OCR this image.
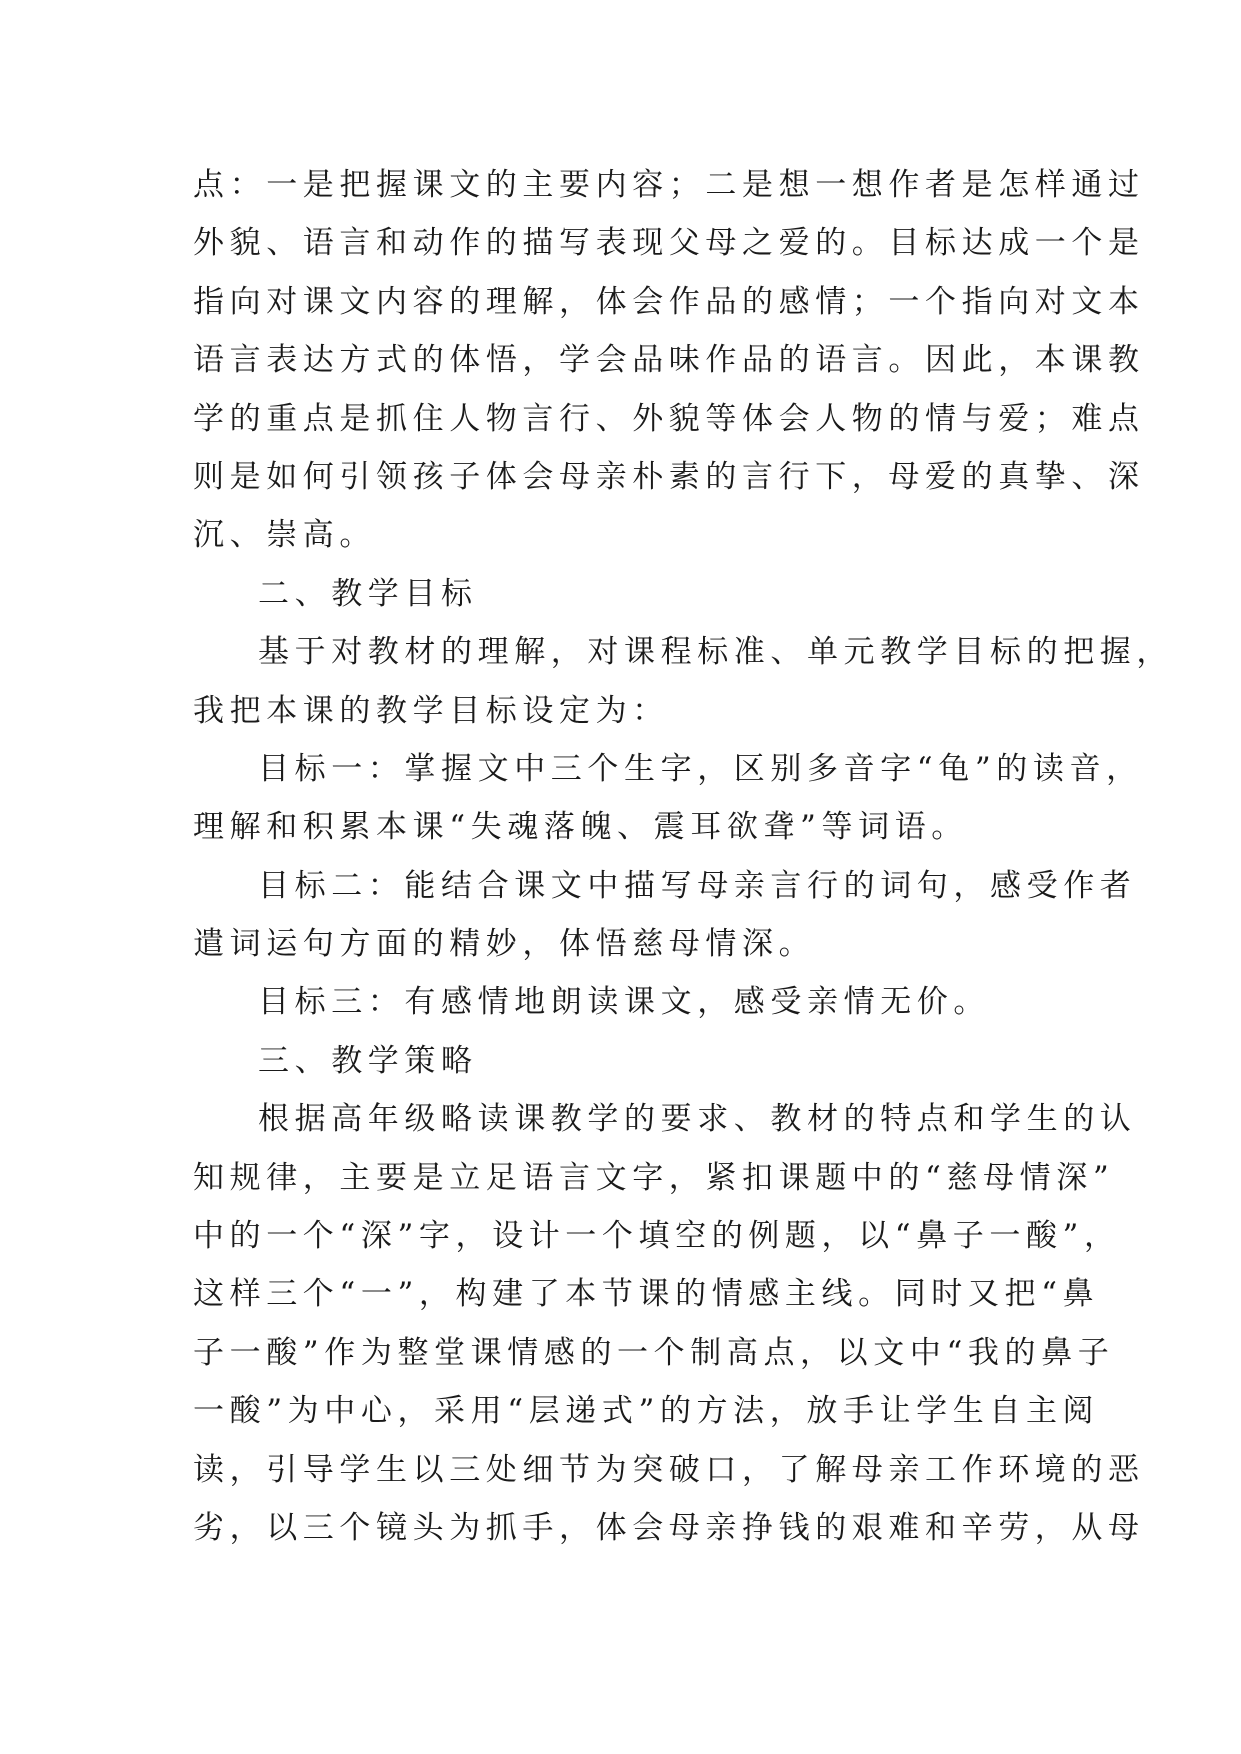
点：一是把握课文的主要内容；二是想一想作者是怎样通过
外貌、语言和动作的描写表现父母之爱的。目标达成一个是
指向对课文内容的理解，体会作品的感情；一个指向对文本
语言表达方式的体悟，学会品味作品的语言。因此，本课教
学的重点是抓住人物言行、外貌等体会人物的情与爱；难点
则是如何引领孩子体会母亲朴素的言行下，母爱的真挚、深
沉、崇高。
二、教学目标
基于对教材的理解，对课程标准、单元教学目标的把握，
我把本课的教学目标设定为：
目标一：掌握文中三个生字，区别多音字“龟”的读音，
理解和积累本课“失魂落魄、震耳欲聋”等词语。
目标二：能结合课文中描写母亲言行的词句，感受作者
遣词运句方面的精妙，体悟慈母情深。
目标三：有感情地朗读课文，感受亲情无价。
三、教学策略
根据高年级略读课教学的要求、教材的特点和学生的认
知规律，主要是立足语言文字，紧扣课题中的“慈母情深”
中的一个“深”字，设计一个填空的例题，以“鼻子一酸”，
这样三个“一”，构建了本节课的情感主线。同时又把“鼻
子一酸”作为整堂课情感的一个制高点，以文中“我的鼻子
一酸”为中心，采用“层递式”的方法，放手让学生自主阅
读，引导学生以三处细节为突破口，了解母亲工作环境的恶
劣，以三个镜头为抓手，体会母亲挣钱的艰难和辛劳，从母
